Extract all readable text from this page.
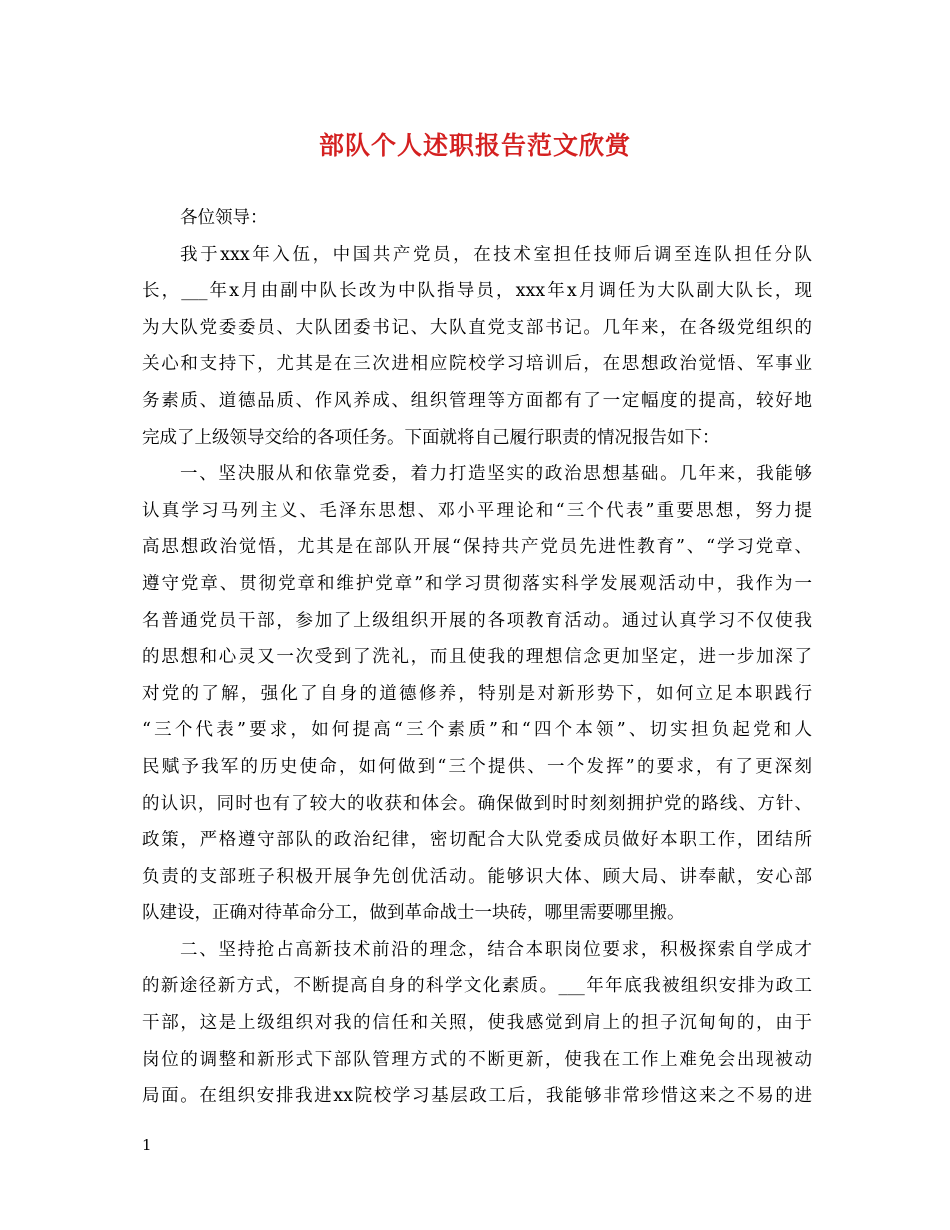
部队个人述职报告范文欣赏
各位领导：
我于xxx年入伍，中国共产党员，在技术室担任技师后调至连队担任分队
长，___年x月由副中队长改为中队指导员，xxx年x月调任为大队副大队长，现
为大队党委委员、大队团委书记、大队直党支部书记。几年来，在各级党组织的
关心和支持下，尤其是在三次进相应院校学习培训后，在思想政治觉悟、军事业
务素质、道德品质、作风养成、组织管理等方面都有了一定幅度的提高，较好地
完成了上级领导交给的各项任务。下面就将自己履行职责的情况报告如下：
一、坚决服从和依靠党委，着力打造坚实的政治思想基础。几年来，我能够
认真学习马列主义、毛泽东思想、邓小平理论和“三个代表”重要思想，努力提
高思想政治觉悟，尤其是在部队开展“保持共产党员先进性教育”、“学习党章、
遵守党章、贯彻党章和维护党章”和学习贯彻落实科学发展观活动中，我作为一
名普通党员干部，参加了上级组织开展的各项教育活动。通过认真学习不仅使我
的思想和心灵又一次受到了洗礼，而且使我的理想信念更加坚定，进一步加深了
对党的了解，强化了自身的道德修养，特别是对新形势下，如何立足本职践行
“三个代表”要求，如何提高“三个素质”和“四个本领”、切实担负起党和人
民赋予我军的历史使命，如何做到“三个提供、一个发挥”的要求，有了更深刻
的认识，同时也有了较大的收获和体会。确保做到时时刻刻拥护党的路线、方针、
政策，严格遵守部队的政治纪律，密切配合大队党委成员做好本职工作，团结所
负责的支部班子积极开展争先创优活动。能够识大体、顾大局、讲奉献，安心部
队建设，正确对待革命分工，做到革命战士一块砖，哪里需要哪里搬。
二、坚持抢占高新技术前沿的理念，结合本职岗位要求，积极探索自学成才
的新途径新方式，不断提高自身的科学文化素质。___年年底我被组织安排为政工
干部，这是上级组织对我的信任和关照，使我感觉到肩上的担子沉甸甸的，由于
岗位的调整和新形式下部队管理方式的不断更新，使我在工作上难免会出现被动
局面。在组织安排我进xx院校学习基层政工后，我能够非常珍惜这来之不易的进
1
